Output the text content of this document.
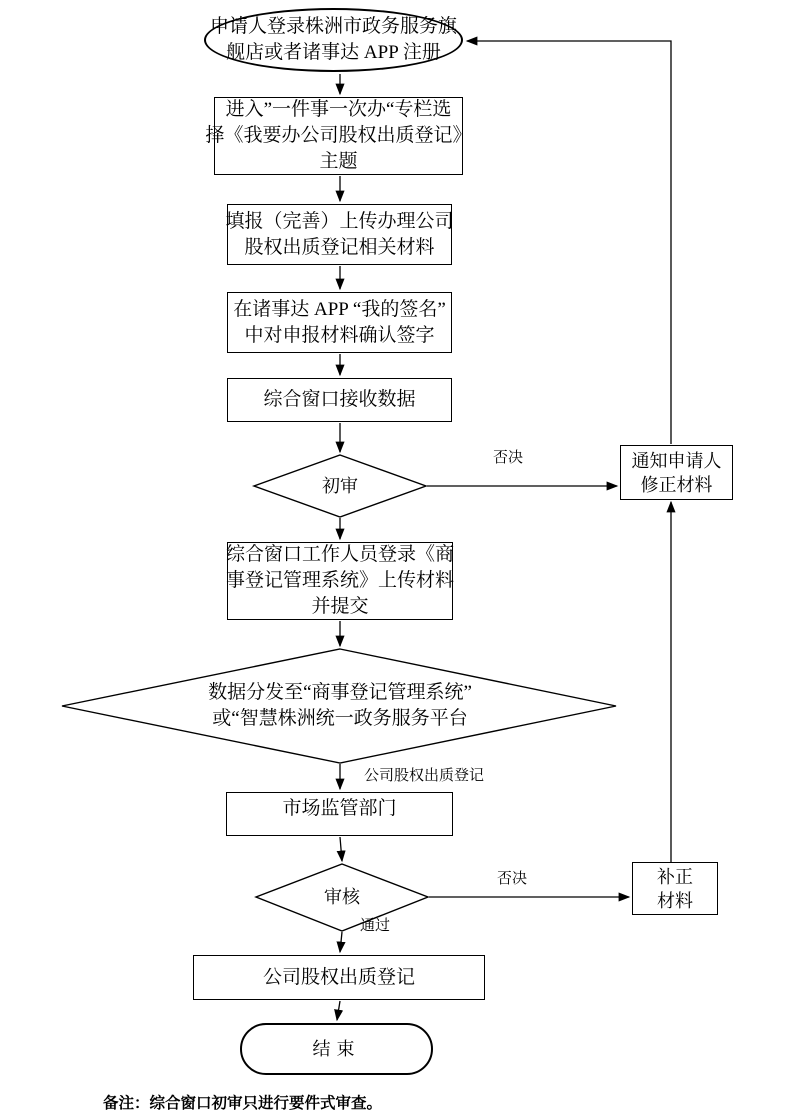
申请人登录株洲市政务服务旗
舰店或者诸事达 APP 注册
进入”一件事一次办“专栏选
择《我要办公司股权出质登记》
主题
填报（完善）上传办理公司
股权出质登记相关材料
在诸事达 APP “我的签名”
中对申报材料确认签字
综合窗口接收数据
初审
通知申请人
修正材料
综合窗口工作人员登录《商
事登记管理系统》上传材料
并提交
数据分发至“商事登记管理系统”
或“智慧株洲统一政务服务平台
市场监管部门
审核
补正
材料
公司股权出质登记
结束
否决
否决
通过
公司股权出质登记
备注：综合窗口初审只进行要件式审查。
